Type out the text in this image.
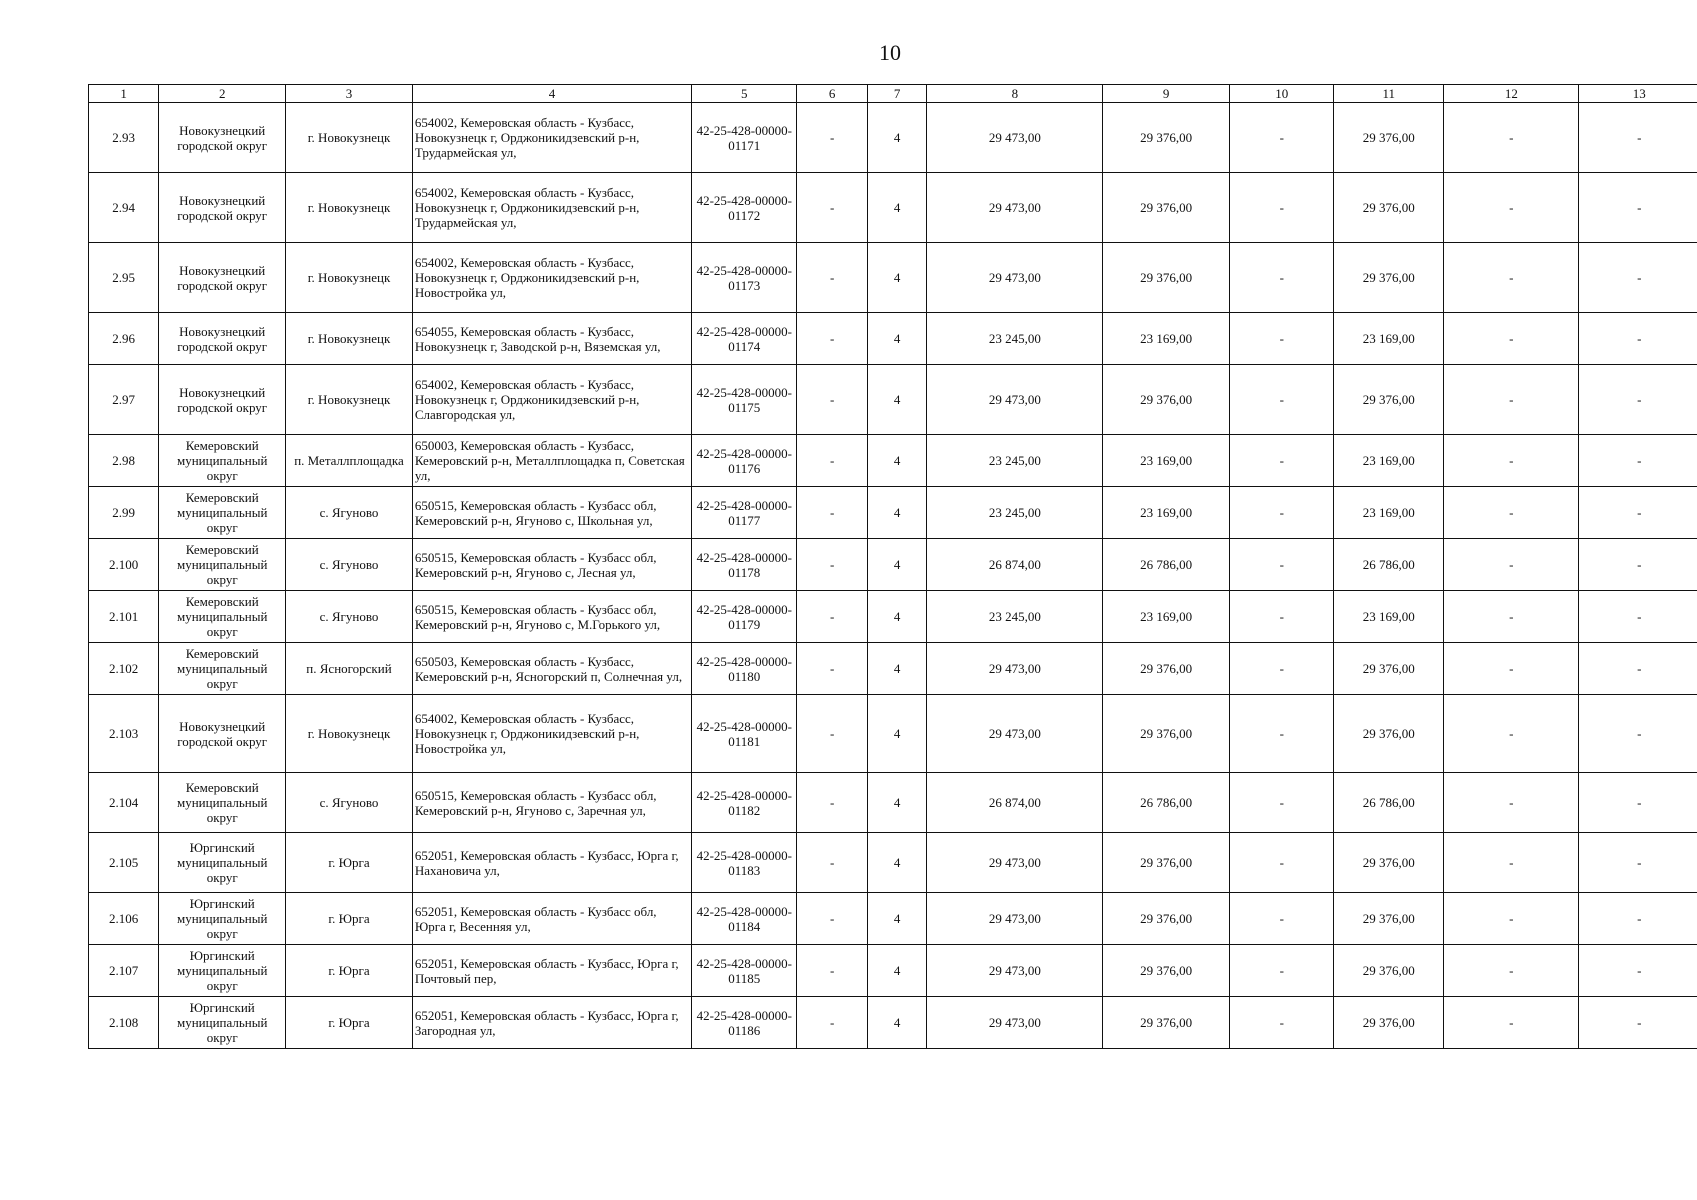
10
1	2	3	4	5	6	7	8	9	10	11	12	13
2.93	Новокузнецкий городской округ	г. Новокузнецк	654002, Кемеровская область - Кузбасс, Новокузнецк г, Орджоникидзевский р-н, Трудармейская ул,	42-25-428-00000-01171	-	4	29 473,00	29 376,00	-	29 376,00	-	-
2.94	Новокузнецкий городской округ	г. Новокузнецк	654002, Кемеровская область - Кузбасс, Новокузнецк г, Орджоникидзевский р-н, Трудармейская ул,	42-25-428-00000-01172	-	4	29 473,00	29 376,00	-	29 376,00	-	-
2.95	Новокузнецкий городской округ	г. Новокузнецк	654002, Кемеровская область - Кузбасс, Новокузнецк г, Орджоникидзевский р-н, Новостройка ул,	42-25-428-00000-01173	-	4	29 473,00	29 376,00	-	29 376,00	-	-
2.96	Новокузнецкий городской округ	г. Новокузнецк	654055, Кемеровская область - Кузбасс, Новокузнецк г, Заводской р-н, Вяземская ул,	42-25-428-00000-01174	-	4	23 245,00	23 169,00	-	23 169,00	-	-
2.97	Новокузнецкий городской округ	г. Новокузнецк	654002, Кемеровская область - Кузбасс, Новокузнецк г, Орджоникидзевский р-н, Славгородская ул,	42-25-428-00000-01175	-	4	29 473,00	29 376,00	-	29 376,00	-	-
2.98	Кемеровский муниципальный округ	п. Металлплощадка	650003, Кемеровская область - Кузбасс, Кемеровский р-н, Металлплощадка п, Советская ул,	42-25-428-00000-01176	-	4	23 245,00	23 169,00	-	23 169,00	-	-
2.99	Кемеровский муниципальный округ	с. Ягуново	650515, Кемеровская область - Кузбасс обл, Кемеровский р-н, Ягуново с, Школьная ул,	42-25-428-00000-01177	-	4	23 245,00	23 169,00	-	23 169,00	-	-
2.100	Кемеровский муниципальный округ	с. Ягуново	650515, Кемеровская область - Кузбасс обл, Кемеровский р-н, Ягуново с, Лесная ул,	42-25-428-00000-01178	-	4	26 874,00	26 786,00	-	26 786,00	-	-
2.101	Кемеровский муниципальный округ	с. Ягуново	650515, Кемеровская область - Кузбасс обл, Кемеровский р-н, Ягуново с, М.Горького ул,	42-25-428-00000-01179	-	4	23 245,00	23 169,00	-	23 169,00	-	-
2.102	Кемеровский муниципальный округ	п. Ясногорский	650503, Кемеровская область - Кузбасс, Кемеровский р-н, Ясногорский п, Солнечная ул,	42-25-428-00000-01180	-	4	29 473,00	29 376,00	-	29 376,00	-	-
2.103	Новокузнецкий городской округ	г. Новокузнецк	654002, Кемеровская область - Кузбасс, Новокузнецк г, Орджоникидзевский р-н, Новостройка ул,	42-25-428-00000-01181	-	4	29 473,00	29 376,00	-	29 376,00	-	-
2.104	Кемеровский муниципальный округ	с. Ягуново	650515, Кемеровская область - Кузбасс обл, Кемеровский р-н, Ягуново с, Заречная ул,	42-25-428-00000-01182	-	4	26 874,00	26 786,00	-	26 786,00	-	-
2.105	Юргинский муниципальный округ	г. Юрга	652051, Кемеровская область - Кузбасс, Юрга г, Нахановича ул,	42-25-428-00000-01183	-	4	29 473,00	29 376,00	-	29 376,00	-	-
2.106	Юргинский муниципальный округ	г. Юрга	652051, Кемеровская область - Кузбасс обл, Юрга г, Весенняя ул,	42-25-428-00000-01184	-	4	29 473,00	29 376,00	-	29 376,00	-	-
2.107	Юргинский муниципальный округ	г. Юрга	652051, Кемеровская область - Кузбасс, Юрга г, Почтовый пер,	42-25-428-00000-01185	-	4	29 473,00	29 376,00	-	29 376,00	-	-
2.108	Юргинский муниципальный округ	г. Юрга	652051, Кемеровская область - Кузбасс, Юрга г, Загородная ул,	42-25-428-00000-01186	-	4	29 473,00	29 376,00	-	29 376,00	-	-
